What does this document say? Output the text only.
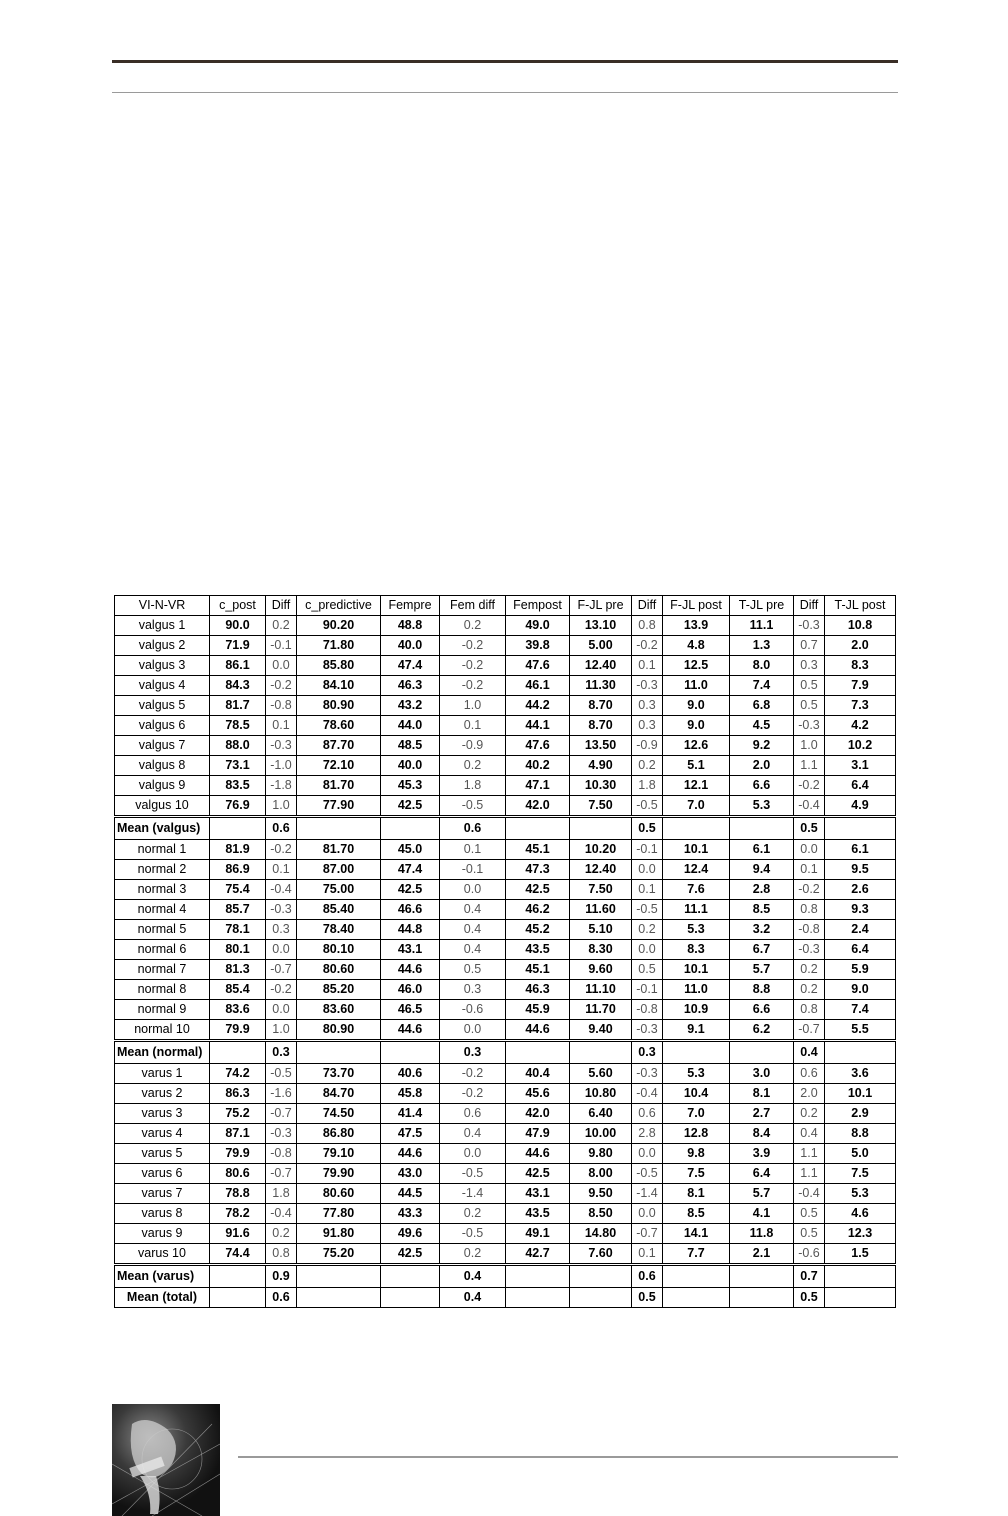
VI-N-VR	c_post	Diff	c_predictive	Fempre	Fem diff	Fempost	F-JL pre	Diff	F-JL post	T-JL pre	Diff	T-JL post
valgus 1	90.0	0.2	90.20	48.8	0.2	49.0	13.10	0.8	13.9	11.1	-0.3	10.8
valgus 2	71.9	-0.1	71.80	40.0	-0.2	39.8	5.00	-0.2	4.8	1.3	0.7	2.0
valgus 3	86.1	0.0	85.80	47.4	-0.2	47.6	12.40	0.1	12.5	8.0	0.3	8.3
valgus 4	84.3	-0.2	84.10	46.3	-0.2	46.1	11.30	-0.3	11.0	7.4	0.5	7.9
valgus 5	81.7	-0.8	80.90	43.2	1.0	44.2	8.70	0.3	9.0	6.8	0.5	7.3
valgus 6	78.5	0.1	78.60	44.0	0.1	44.1	8.70	0.3	9.0	4.5	-0.3	4.2
valgus 7	88.0	-0.3	87.70	48.5	-0.9	47.6	13.50	-0.9	12.6	9.2	1.0	10.2
valgus 8	73.1	-1.0	72.10	40.0	0.2	40.2	4.90	0.2	5.1	2.0	1.1	3.1
valgus 9	83.5	-1.8	81.70	45.3	1.8	47.1	10.30	1.8	12.1	6.6	-0.2	6.4
valgus 10	76.9	1.0	77.90	42.5	-0.5	42.0	7.50	-0.5	7.0	5.3	-0.4	4.9
Mean (valgus)		0.6			0.6			0.5			0.5	
normal 1	81.9	-0.2	81.70	45.0	0.1	45.1	10.20	-0.1	10.1	6.1	0.0	6.1
normal 2	86.9	0.1	87.00	47.4	-0.1	47.3	12.40	0.0	12.4	9.4	0.1	9.5
normal 3	75.4	-0.4	75.00	42.5	0.0	42.5	7.50	0.1	7.6	2.8	-0.2	2.6
normal 4	85.7	-0.3	85.40	46.6	0.4	46.2	11.60	-0.5	11.1	8.5	0.8	9.3
normal 5	78.1	0.3	78.40	44.8	0.4	45.2	5.10	0.2	5.3	3.2	-0.8	2.4
normal 6	80.1	0.0	80.10	43.1	0.4	43.5	8.30	0.0	8.3	6.7	-0.3	6.4
normal 7	81.3	-0.7	80.60	44.6	0.5	45.1	9.60	0.5	10.1	5.7	0.2	5.9
normal 8	85.4	-0.2	85.20	46.0	0.3	46.3	11.10	-0.1	11.0	8.8	0.2	9.0
normal 9	83.6	0.0	83.60	46.5	-0.6	45.9	11.70	-0.8	10.9	6.6	0.8	7.4
normal 10	79.9	1.0	80.90	44.6	0.0	44.6	9.40	-0.3	9.1	6.2	-0.7	5.5
Mean (normal)		0.3			0.3			0.3			0.4	
varus 1	74.2	-0.5	73.70	40.6	-0.2	40.4	5.60	-0.3	5.3	3.0	0.6	3.6
varus 2	86.3	-1.6	84.70	45.8	-0.2	45.6	10.80	-0.4	10.4	8.1	2.0	10.1
varus 3	75.2	-0.7	74.50	41.4	0.6	42.0	6.40	0.6	7.0	2.7	0.2	2.9
varus 4	87.1	-0.3	86.80	47.5	0.4	47.9	10.00	2.8	12.8	8.4	0.4	8.8
varus 5	79.9	-0.8	79.10	44.6	0.0	44.6	9.80	0.0	9.8	3.9	1.1	5.0
varus 6	80.6	-0.7	79.90	43.0	-0.5	42.5	8.00	-0.5	7.5	6.4	1.1	7.5
varus 7	78.8	1.8	80.60	44.5	-1.4	43.1	9.50	-1.4	8.1	5.7	-0.4	5.3
varus 8	78.2	-0.4	77.80	43.3	0.2	43.5	8.50	0.0	8.5	4.1	0.5	4.6
varus 9	91.6	0.2	91.80	49.6	-0.5	49.1	14.80	-0.7	14.1	11.8	0.5	12.3
varus 10	74.4	0.8	75.20	42.5	0.2	42.7	7.60	0.1	7.7	2.1	-0.6	1.5
Mean (varus)		0.9			0.4			0.6			0.7	
Mean (total)		0.6			0.4			0.5			0.5	
